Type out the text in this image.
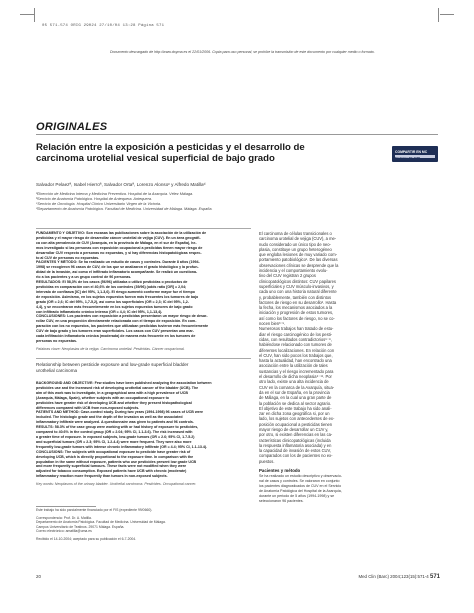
05 571-574 ORIG 29024 27/10/04 13:28 Página 571
Documento descargado de http://www.doyma.es el 22/01/2006. Copia para uso personal, se prohíbe la transmisión de este documento por cualquier medio o formato.
ORIGINALES
Relación entre la exposición a pesticidas y el desarrollo de carcinoma urotelial vesical superficial de bajo grado
COMPARTIR EN MC
Medicina TK 4085
Salvador Pelaezª, Isabel Hierroª, Salvador Ortaª, Lorenzo Alonsoᶜ y Alfredo Matillaᵈ
ªDirección de Medicina Interna y Medicina Preventiva. Hospital de la Axarquía. Vélez Málaga.
ᵇServicio de Anatomía Patológica. Hospital de Antequera. Antequera.
ᶜServicio de Oncología. Hospital Clínico Universitario Virgen de la Victoria.
ᵈDepartamento de Anatomía Patológica. Facultad de Medicina. Universidad de Málaga. Málaga. España.
FUNDAMENTO Y OBJETIVO: Son escasas las publicaciones sobre la asociación de la utilización de
pesticidas y el mayor riesgo de desarrollar cáncer urotelial de vejiga (CUV). En un área geográfi-
ca con alta prevalencia de CUV (Axarquía, en la provincia de Málaga, en el sur de España), he-
mos investigado si las personas con exposición ocupacional a pesticidas tienen mayor riesgo de
desarrollar CUV respecto a personas no expuestas, y si hay diferencias histopatológicas respec-
to al CUV de personas no expuestas.
PACIENTES Y MÉTODO: Se ha realizado un estudio de casos y controles. Durante 8 años (1994-
1998) se recogieron 96 casos de CUV, de los que se analizaron el grado histológico y la profun-
didad de la invasión, así como el infiltrado inflamatorio acompañante. Se realizó un cuestiona-
rio a los pacientes y a un grupo control de 96 personas.
RESULTADOS: El 58,3% de los casos (56/96) utilizaba o utilizó pesticidas o productos de
pesticidas en comparación con el 40,6% de los controles (39/96) (odds ratio [OR] = 2,04;
intervalo de confianza [IC] del 95%, 1,1-3,6). El riesgo aumentó conforme mayor fue el tiempo
de exposición. Asimismo, en los sujetos expuestos fueron más frecuentes los tumores de bajo
grado (OR = 2,6; IC del 95%, 1,7-5,2), así como los superficiales (OR = 2,3; IC del 95%, 1,2-
4,4), y se encontraron más frecuentemente en los sujetos expuestos tumores de bajo grado
con infiltrado inflamatorio crónico intenso (OR = 4,4; IC del 95%, 1,1-13,4).
CONCLUSIONES: Los pacientes con exposición a pesticidas presentaron un mayor riesgo de desar-
rollar CUV, en una proporción directamente relacionada con el tiempo de exposición. En com-
paración con los no expuestos, los pacientes que utilizaban pesticidas tuvieron más frecuentemente
CUV de bajo grado y los tumores eran superficiales. Los casos con CUV presentan una mar-
cada infiltración inflamatoria crónica (moderada) de manera más frecuente en los tumores de
personas no expuestas.
Palabras clave: Neoplasias de la vejiga. Carcinoma urotelial. Pesticidas. Cáncer ocupacional.
Relationship between pesticide exposure and low-grade superficial bladder
urothelial carcinoma
BACKGROUND AND OBJECTIVE: Few studies have been published analyzing the association between
pesticides use and the increased risk of developing urothelial cancer of the bladder (UCB). The
aim of this work was to investigate, in a geographical area with a high prevalence of UCB
(Axarquía, Málaga, Spain), whether subjects with an occupational exposure to
pesticides have greater risk of developing UCB and whether they present histopathological
differences compared with UCB from non-exposed subjects.
PATIENTS AND METHOD: Case-control study. During two years (1994-1998) 96 cases of UCB were
included. The histologic grade and the depth of the invasion as well as the associated
inflammatory infiltrate were analyzed. A questionnaire was given to patients and 96 controls.
RESULTS: 58.3% of the case group were working with or had history of exposure to pesticides,
compared to 40.6% in the control group (OR = 2.04; 95% CI, 1.1-3.6). The risk increased with
a greater time of exposure. In exposed subjects, low-grade tumors (OR = 2.6; 95% CI, 1.7-5.2)
and superficial tumors (OR = 2.3; 95% CI, 1.2-4.4) were more frequent. They were also more
frequently low-grade tumors with intense chronic inflammatory infiltrate (OR = 4.4; 95% CI, 1.1-13.4).
CONCLUSIONS: The subjects with occupational exposure to pesticide have greater risk of
developing UCB, which is directly proportional to the exposure time. In comparison with the
population in the same without exposure, patients who use pesticides present low grade UCB
and more frequently superficial tumours. These facts were not modified when they were
adjusted for tobacco consumption. Exposed patients have UCB with chronic (moderate)
inflammatory reaction more frequently than tumors in non-exposed subjects.
Key words: Neoplasms of the urinary bladder. Urothelial carcinoma. Pesticides. Occupational cancer.
Este trabajo ha sido parcialmente financiado por el FIS (expediente 99/0660).
Correspondencia: Prof. Dr. A. Matilla.
Departamento de Anatomía Patológica. Facultad de Medicina. Universidad de Málaga.
Campus Universitario de Teatinos. 29071 Málaga. España.
Correo electrónico: amatilla@uma.es
Recibido el 14-10-2004; aceptado para su publicación el 6-7-2004.
El carcinoma de células transicionales o
carcinoma urotelial de vejiga (CUV), a me-
nudo considerado un único tipo de neo-
plasia, constituye un grupo heterogéneo
que engloba lesiones de muy variado com-
portamiento patobiológico¹. De las diversas
observaciones clínicas se desprende que la
incidencia y el comportamiento evolu-
tivo del CUV registran 2 grupos
clinicopatológicos distintos: CUV papilares
superficiales y CUV músculo-invasivos, y
cada uno con una historia natural diferente
y, probablemente, también con distintos
factores de riesgo en su desarrollo². Hasta
la fecha, los mecanismos asociados a la
iniciación y progresión de estos tumores,
así como los factores de riesgo, no se co-
nocen bien³⁻⁵.
Numerosos trabajos han tratado de estu-
diar el riesgo carcinogénico de los pesti-
cidas, con resultados contradictorios⁶⁻⁸,
habiéndose relacionado con tumores de
diferentes localizaciones. En relación con
el CUV, han sido pocos los trabajos que,
hasta la actualidad, han encontrado una
asociación entre la utilización de tales
sustancias y el riesgo incrementado para
el desarrollo de dicha neoplasia⁹⁻¹¹. Por
otro lado, existe una alta incidencia de
CUV en la comarca de la Axarquía, situa-
da en el sur de España, en la provincia
de Málaga, en la cual una gran parte de
la población se dedica al sector agrario.
El objetivo de este trabajo ha sido anali-
zar en dicha zona geográfica si, por un
lado, los sujetos con antecedentes de ex-
posición ocupacional a pesticidas tienen
mayor riesgo de desarrollar un CUV y,
por otro, si existen diferencias en las ca-
racterísticas clinicopatológicas (incluida
la respuesta inflamatoria asociada) y en
la capacidad de invasión de estos CUV,
comparados con los de pacientes no ex-
puestos.
Pacientes y método
Se ha realizado un estudio descriptivo y observacio-
nal de casos y controles. Se valoraron en conjunto
los pacientes diagnosticados de CUV en el Servicio
de Anatomía Patológica del Hospital de la Axarquía,
durante un periodo de 5 años (1994-1998) y se
seleccionaron 96 pacientes.
20	Med Clin (Barc) 2004;123(15):571-4 571
